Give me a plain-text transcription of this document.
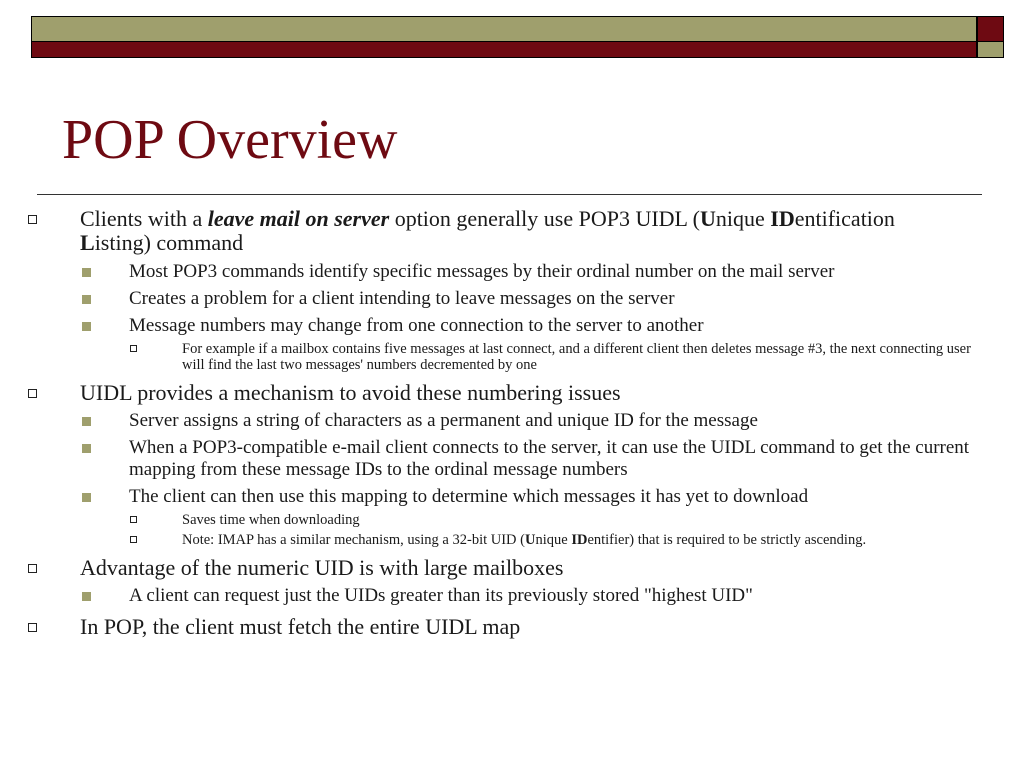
POP Overview
Clients with a leave mail on server option generally use POP3 UIDL (Unique IDentification Listing) command
Most POP3 commands identify specific messages by their ordinal number on the mail server
Creates a problem for a client intending to leave messages on the server
Message numbers may change from one connection to the server to another
For example if a mailbox contains five messages at last connect, and a different client then deletes message #3, the next connecting user will find the last two messages' numbers decremented by one
UIDL provides a mechanism to avoid these numbering issues
Server assigns a string of characters as a permanent and unique ID for the message
When a POP3-compatible e-mail client connects to the server, it can use the UIDL command to get the current mapping from these message IDs to the ordinal message numbers
The client can then use this mapping to determine which messages it has yet to download
Saves time when downloading
Note: IMAP has a similar mechanism, using a 32-bit UID (Unique IDentifier) that is required to be strictly ascending.
Advantage of the numeric UID is with large mailboxes
A client can request just the UIDs greater than its previously stored "highest UID"
In POP, the client must fetch the entire UIDL map
